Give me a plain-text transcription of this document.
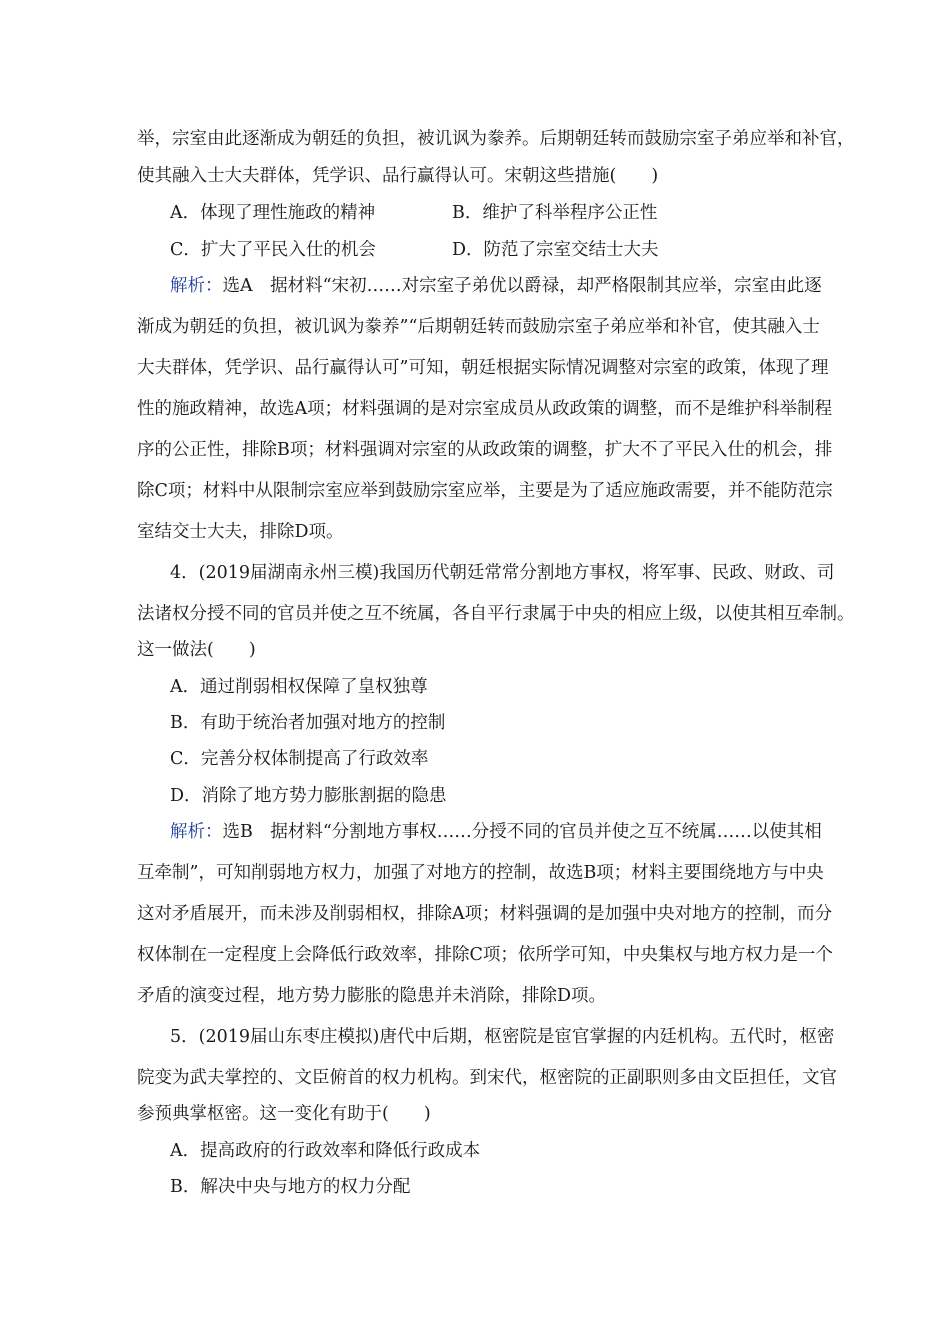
举，宗室由此逐渐成为朝廷的负担，被讥讽为豢养。后期朝廷转而鼓励宗室子弟应举和补官，
使其融入士大夫群体，凭学识、品行赢得认可。宋朝这些措施(　　)
A．体现了理性施政的精神	B．维护了科举程序公正性
C．扩大了平民入仕的机会	D．防范了宗室交结士大夫
解析：选A　据材料“宋初……对宗室子弟优以爵禄，却严格限制其应举，宗室由此逐
渐成为朝廷的负担，被讥讽为豢养”“后期朝廷转而鼓励宗室子弟应举和补官，使其融入士
大夫群体，凭学识、品行赢得认可”可知，朝廷根据实际情况调整对宗室的政策，体现了理
性的施政精神，故选A项；材料强调的是对宗室成员从政政策的调整，而不是维护科举制程
序的公正性，排除B项；材料强调对宗室的从政政策的调整，扩大不了平民入仕的机会，排
除C项；材料中从限制宗室应举到鼓励宗室应举，主要是为了适应施政需要，并不能防范宗
室结交士大夫，排除D项。
4．(2019届湖南永州三模)我国历代朝廷常常分割地方事权，将军事、民政、财政、司
法诸权分授不同的官员并使之互不统属，各自平行隶属于中央的相应上级，以使其相互牵制。
这一做法(　　)
A．通过削弱相权保障了皇权独尊
B．有助于统治者加强对地方的控制
C．完善分权体制提高了行政效率
D．消除了地方势力膨胀割据的隐患
解析：选B　据材料“分割地方事权……分授不同的官员并使之互不统属……以使其相
互牵制”，可知削弱地方权力，加强了对地方的控制，故选B项；材料主要围绕地方与中央
这对矛盾展开，而未涉及削弱相权，排除A项；材料强调的是加强中央对地方的控制，而分
权体制在一定程度上会降低行政效率，排除C项；依所学可知，中央集权与地方权力是一个
矛盾的演变过程，地方势力膨胀的隐患并未消除，排除D项。
5．(2019届山东枣庄模拟)唐代中后期，枢密院是宦官掌握的内廷机构。五代时，枢密
院变为武夫掌控的、文臣俯首的权力机构。到宋代，枢密院的正副职则多由文臣担任，文官
参预典掌枢密。这一变化有助于(　　)
A．提高政府的行政效率和降低行政成本
B．解决中央与地方的权力分配
